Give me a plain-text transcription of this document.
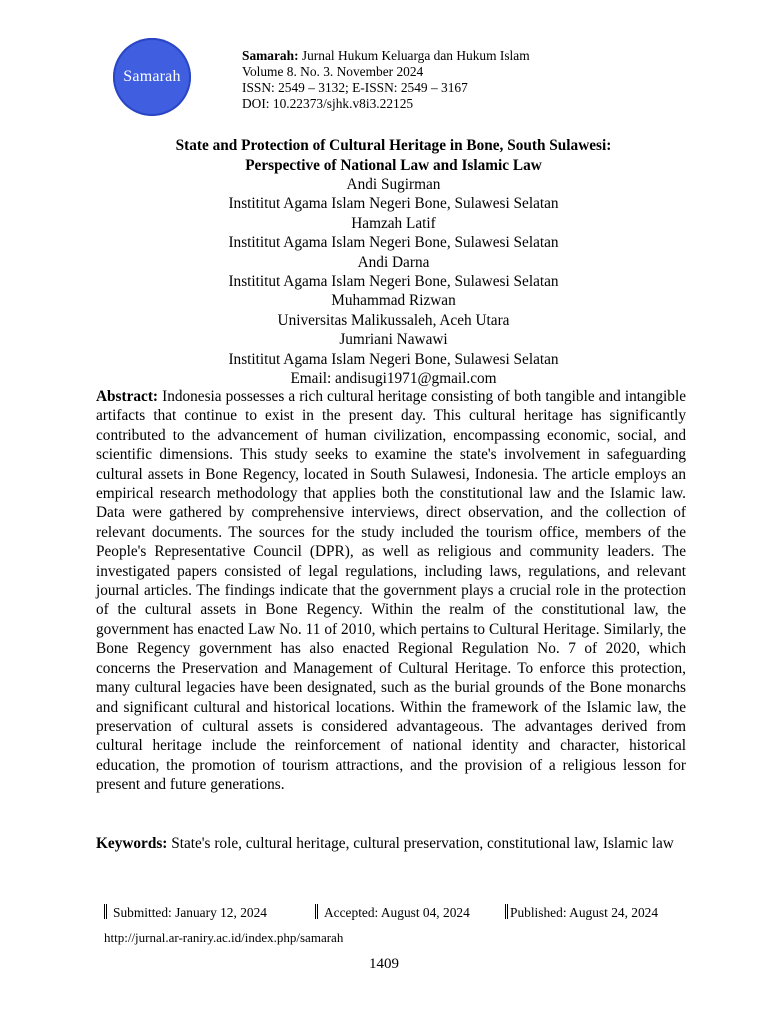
Samarah
Samarah: Jurnal Hukum Keluarga dan Hukum Islam
Volume 8. No. 3. November 2024
ISSN: 2549 – 3132; E-ISSN: 2549 – 3167
DOI: 10.22373/sjhk.v8i3.22125
State and Protection of Cultural Heritage in Bone, South Sulawesi:
Perspective of National Law and Islamic Law
Andi Sugirman
Instititut Agama Islam Negeri Bone, Sulawesi Selatan
Hamzah Latif
Instititut Agama Islam Negeri Bone, Sulawesi Selatan
Andi Darna
Instititut Agama Islam Negeri Bone, Sulawesi Selatan
Muhammad Rizwan
Universitas Malikussaleh, Aceh Utara
Jumriani Nawawi
Instititut Agama Islam Negeri Bone, Sulawesi Selatan
Email: andisugi1971@gmail.com
Abstract: Indonesia possesses a rich cultural heritage consisting of both tangible and intangible artifacts that continue to exist in the present day. This cultural heritage has significantly contributed to the advancement of human civilization, encompassing economic, social, and scientific dimensions. This study seeks to examine the state's involvement in safeguarding cultural assets in Bone Regency, located in South Sulawesi, Indonesia. The article employs an empirical research methodology that applies both the constitutional law and the Islamic law. Data were gathered by comprehensive interviews, direct observation, and the collection of relevant documents. The sources for the study included the tourism office, members of the People's Representative Council (DPR), as well as religious and community leaders. The investigated papers consisted of legal regulations, including laws, regulations, and relevant journal articles. The findings indicate that the government plays a crucial role in the protection of the cultural assets in Bone Regency. Within the realm of the constitutional law, the government has enacted Law No. 11 of 2010, which pertains to Cultural Heritage. Similarly, the Bone Regency government has also enacted Regional Regulation No. 7 of 2020, which concerns the Preservation and Management of Cultural Heritage. To enforce this protection, many cultural legacies have been designated, such as the burial grounds of the Bone monarchs and significant cultural and historical locations. Within the framework of the Islamic law, the preservation of cultural assets is considered advantageous. The advantages derived from cultural heritage include the reinforcement of national identity and character, historical education, the promotion of tourism attractions, and the provision of a religious lesson for present and future generations.
Keywords: State's role, cultural heritage, cultural preservation, constitutional law, Islamic law
Submitted: January 12, 2024	Accepted: August 04, 2024	Published: August 24, 2024
http://jurnal.ar-raniry.ac.id/index.php/samarah
1409
